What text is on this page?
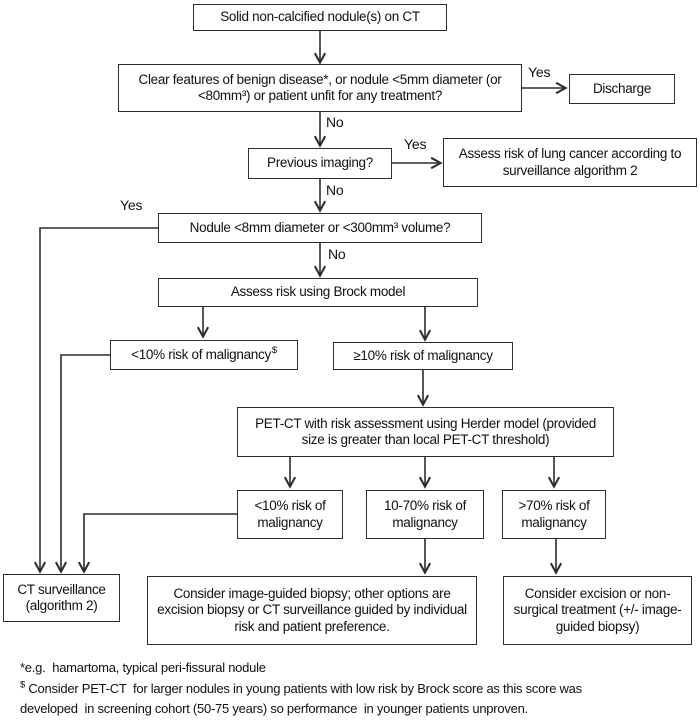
Solid non-calcified nodule(s) on CT
Clear features of benign disease*, or nodule <5mm diameter (or <80mm³) or patient unfit for any treatment?	Discharge
Previous imaging?
Assess risk of lung cancer according to surveillance algorithm 2
Nodule <8mm diameter or <300mm³ volume?
Assess risk using Brock model
<10% risk of malignancy$	≥10% risk of malignancy
PET-CT with risk assessment using Herder model (provided size is greater than local PET-CT threshold)
<10% risk of malignancy
10-70% risk of malignancy
>70% risk of malignancy
CT surveillance (algorithm 2)
Consider image-guided biopsy; other options are excision biopsy or CT surveillance guided by individual risk and patient preference.
Consider excision or non-surgical treatment (+/- image-guided biopsy)
Yes
No
Yes
No
Yes
No
*e.g.  hamartoma, typical peri-fissural nodule
$ Consider PET-CT  for larger nodules in young patients with low risk by Brock score as this score was
developed  in screening cohort (50-75 years) so performance  in younger patients unproven.
